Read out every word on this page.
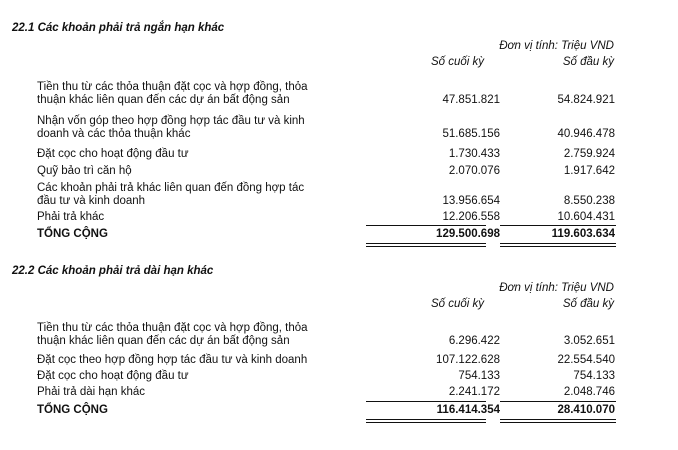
22.1 Các khoản phải trả ngắn hạn khác
Đơn vị tính: Triệu VND
Số cuối kỳ	Số đầu kỳ
Tiền thu từ các thỏa thuận đặt cọc và hợp đồng, thỏa
thuận khác liên quan đến các dự án bất động sản	47.851.821	54.824.921
Nhận vốn góp theo hợp đồng hợp tác đầu tư và kinh
doanh và các thỏa thuận khác	51.685.156	40.946.478
Đặt cọc cho hoạt động đầu tư	1.730.433	2.759.924
Quỹ bảo trì căn hộ	2.070.076	1.917.642
Các khoản phải trả khác liên quan đến đồng hợp tác
đầu tư và kinh doanh	13.956.654	8.550.238
Phải trả khác	12.206.558	10.604.431
TỔNG CỘNG	129.500.698	119.603.634
22.2 Các khoản phải trả dài hạn khác
Đơn vị tính: Triệu VND
Số cuối kỳ	Số đầu kỳ
Tiền thu từ các thỏa thuận đặt cọc và hợp đồng, thỏa
thuận khác liên quan đến các dự án bất động sản	6.296.422	3.052.651
Đặt cọc theo hợp đồng hợp tác đầu tư và kinh doanh	107.122.628	22.554.540
Đặt cọc cho hoạt động đầu tư	754.133	754.133
Phải trả dài hạn khác	2.241.172	2.048.746
TỔNG CỘNG	116.414.354	28.410.070
